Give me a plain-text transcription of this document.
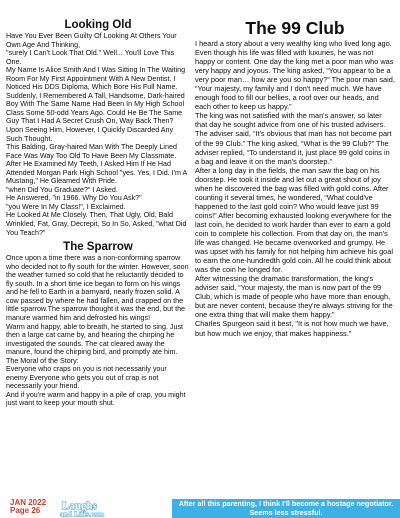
Looking Old

Have You Ever Been Guilty Of Looking At Others Your Own Age And Thinking,

"surely I Can't Look That Old." Well... You'll Love This One.

My Name Is Alice Smith And I Was Sitting In The Waiting Room For My First Appointment With A New Dentist. I Noticed His DDS Diploma, Which Bore His Full Name.

Suddenly, I Remembered A Tall, Handsome, Dark-haired Boy With The Same Name Had Been In My High School Class Some 50-odd Years Ago. Could He Be The Same Guy That I Had A Secret Crush On, Way Back Then? Upon Seeing Him, However, I Quickly Discarded Any Such Thought.

This Balding, Gray-haired Man With The Deeply Lined Face Was Way Too Old To Have Been My Classmate. After He Examined My Teeth, I Asked Him If He Had Attended Morgan Park High School "yes. Yes, I Did. I'm A Mustang," He Gleamed With Pride.

"when Did You Graduate?" I Asked.

He Answered, "in 1966. Why Do You Ask?"

"you Were In My Class!", I Exclaimed.

He Looked At Me Closely. Then, That Ugly, Old, Bald Wrinkled, Fat, Gray, Decrepit, So In So, Asked, "what Did You Teach?"

The Sparrow

Once upon a time there was a non-conforming sparrow who decided not to fly south for the winter. However, soon the weather turned so cold that he reluctantly decided to fly south. In a short time ice began to form on his wings and he fell to Earth in a barnyard, nearly frozen solid. A cow passed by where he had fallen, and crapped on the little sparrow.The sparrow thought it was the end, but the manure warmed him and defrosted his wings!

Warm and happy, able to breath, he started to sing. Just then a large cat came by, and hearing the chirping he investigated the sounds. The cat cleared away the manure, found the chirping bird, and promptly ate him.

The Moral of the Story:

Everyone who craps on you is not necessarily your enemy Everyone who gets you out of crap is not necessarily your friend.

And if you're warm and happy in a pile of crap, you might just want to keep your mouth shut.

The 99 Club

I heard a story about a very wealthy king who lived long ago. Even though his life was filled with luxuries, he was not happy or content. One day the king met a poor man who was very happy and joyous. The king asked, “You appear to be a very poor man… how are you so happy?” The poor man said, “Your majesty, my family and I don't need much. We have enough food to fill our bellies, a roof over our heads, and each other to keep us happy.”

The king was not satisfied with the man's answer, so later that day he sought advice from one of his trusted advisers. The adviser said, “It's obvious that man has not become part of the 99 Club.” The king asked, “What is the 99 Club?” The adviser replied, “To understand it, just place 99 gold coins in a bag and leave it on the man's doorstep.”

After a long day in the fields, the man saw the bag on his doorstep. He took it inside and let out a great shout of joy when he discovered the bag was filled with gold coins. After counting it several times, he wondered, “What could've happened to the last gold coin? Who would leave just 99 coins!” After becoming exhausted looking everywhere for the last coin, he decided to work harder than ever to earn a gold coin to complete his collection. From that day on, the man's life was changed. He became overworked and grumpy. He was upset with his family for not helping him achieve his goal to earn the one-hundredth gold coin. All he could think about was the coin he longed for.

After witnessing the dramatic transformation, the king's adviser said, “Your majesty, the man is now part of the 99 Club, which is made of people who have more than enough, but are never content, because they're always striving for the one extra thing that will make them happy.”

Charles Spurgeon said it best, "It is not how much we have, but how much we enjoy, that makes happiness."

JAN 2022
Page 26 Laughs
and Lifts.com
After all this parenting, I think I'll become a hostage negotiator. Seems less stressful.
